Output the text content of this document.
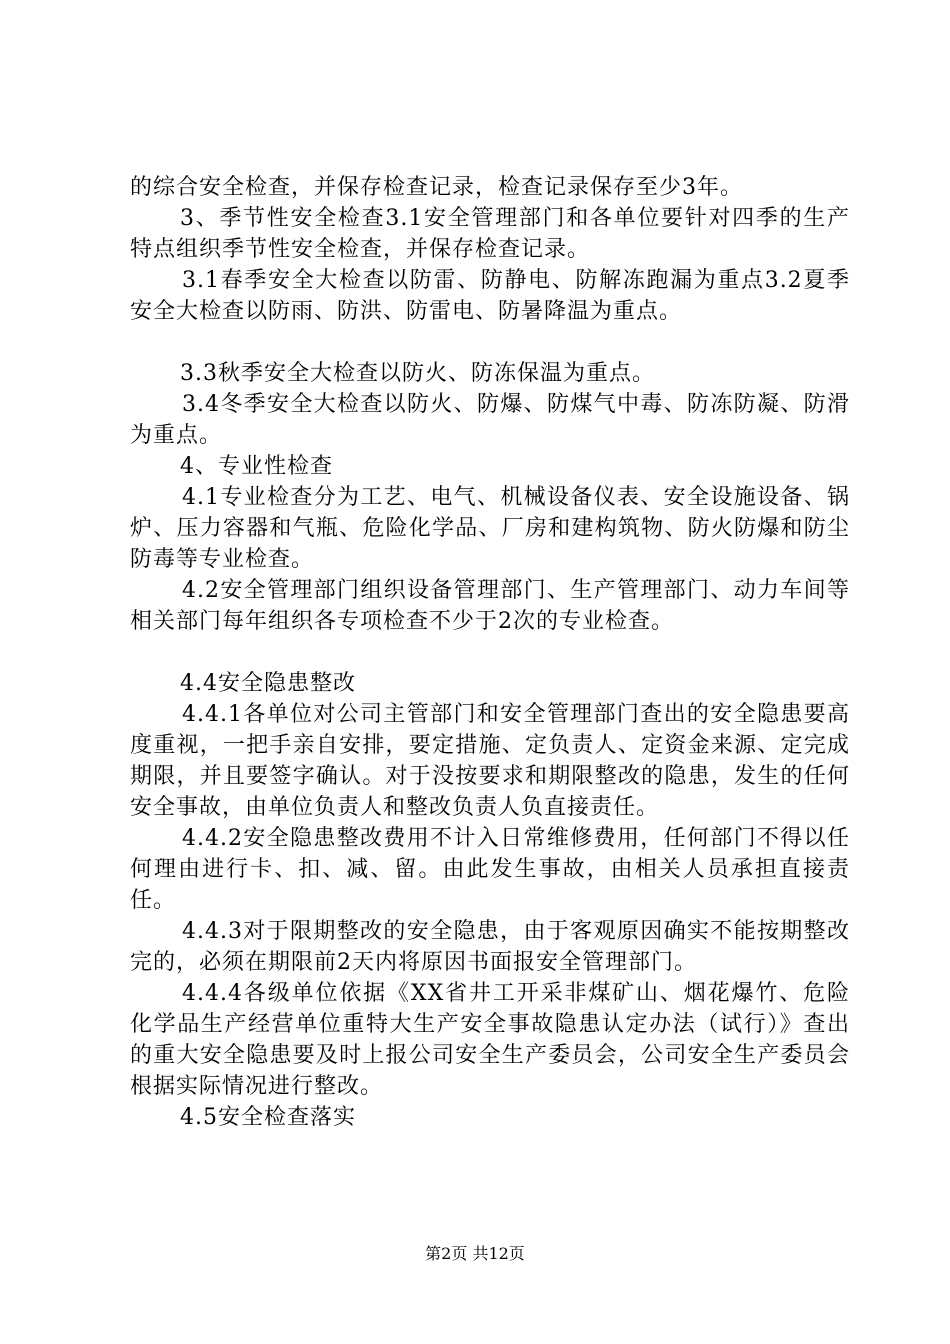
的综合安全检查，并保存检查记录，检查记录保存至少3年。

3、季节性安全检查3.1安全管理部门和各单位要针对四季的生产特点组织季节性安全检查，并保存检查记录。

3.1春季安全大检查以防雷、防静电、防解冻跑漏为重点3.2夏季安全大检查以防雨、防洪、防雷电、防暑降温为重点。

3.3秋季安全大检查以防火、防冻保温为重点。

3.4冬季安全大检查以防火、防爆、防煤气中毒、防冻防凝、防滑为重点。

4、专业性检查

4.1专业检查分为工艺、电气、机械设备仪表、安全设施设备、锅炉、压力容器和气瓶、危险化学品、厂房和建构筑物、防火防爆和防尘防毒等专业检查。

4.2安全管理部门组织设备管理部门、生产管理部门、动力车间等相关部门每年组织各专项检查不少于2次的专业检查。

4.4安全隐患整改

4.4.1各单位对公司主管部门和安全管理部门查出的安全隐患要高度重视，一把手亲自安排，要定措施、定负责人、定资金来源、定完成期限，并且要签字确认。对于没按要求和期限整改的隐患，发生的任何安全事故，由单位负责人和整改负责人负直接责任。

4.4.2安全隐患整改费用不计入日常维修费用，任何部门不得以任何理由进行卡、扣、减、留。由此发生事故，由相关人员承担直接责任。

4.4.3对于限期整改的安全隐患，由于客观原因确实不能按期整改完的，必须在期限前2天内将原因书面报安全管理部门。

4.4.4各级单位依据《XX省井工开采非煤矿山、烟花爆竹、危险化学品生产经营单位重特大生产安全事故隐患认定办法（试行）》查出的重大安全隐患要及时上报公司安全生产委员会，公司安全生产委员会根据实际情况进行整改。

4.5安全检查落实

第2页 共12页
